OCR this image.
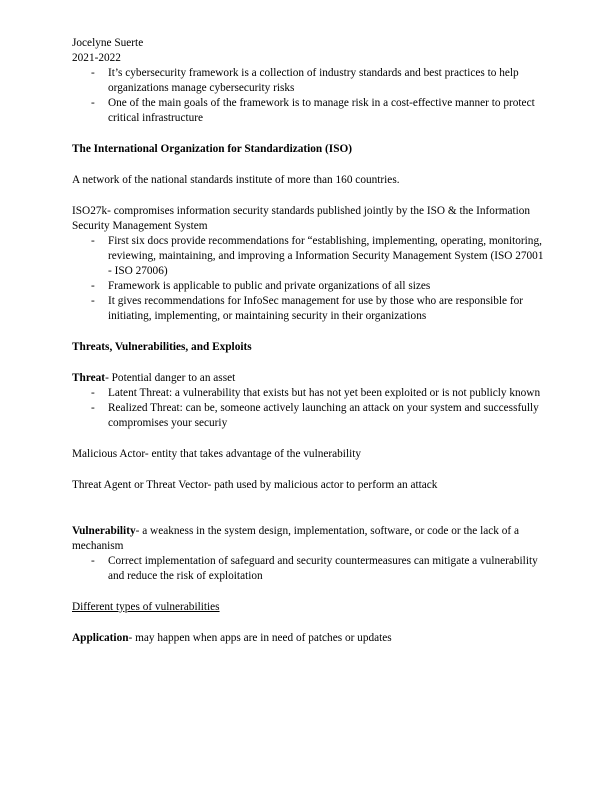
Jocelyne Suerte

2021-2022

- It’s cybersecurity framework is a collection of industry standards and best practices to help organizations manage cybersecurity risks
- One of the main goals of the framework is to manage risk in a cost-effective manner to protect critical infrastructure

The International Organization for Standardization (ISO)

A network of the national standards institute of more than 160 countries.

ISO27k- compromises information security standards published jointly by the ISO & the Information Security Management System

- First six docs provide recommendations for “establishing, implementing, operating, monitoring, reviewing, maintaining, and improving a Information Security Management System (ISO 27001 - ISO 27006)
- Framework is applicable to public and private organizations of all sizes
- It gives recommendations for InfoSec management for use by those who are responsible for initiating, implementing, or maintaining security in their organizations

Threats, Vulnerabilities, and Exploits

Threat- Potential danger to an asset

- Latent Threat: a vulnerability that exists but has not yet been exploited or is not publicly known
- Realized Threat: can be, someone actively launching an attack on your system and successfully compromises your securiy

Malicious Actor- entity that takes advantage of the vulnerability

Threat Agent or Threat Vector- path used by malicious actor to perform an attack

Vulnerability- a weakness in the system design, implementation, software, or code or the lack of a mechanism

- Correct implementation of safeguard and security countermeasures can mitigate a vulnerability and reduce the risk of exploitation

Different types of vulnerabilities

Application- may happen when apps are in need of patches or updates
